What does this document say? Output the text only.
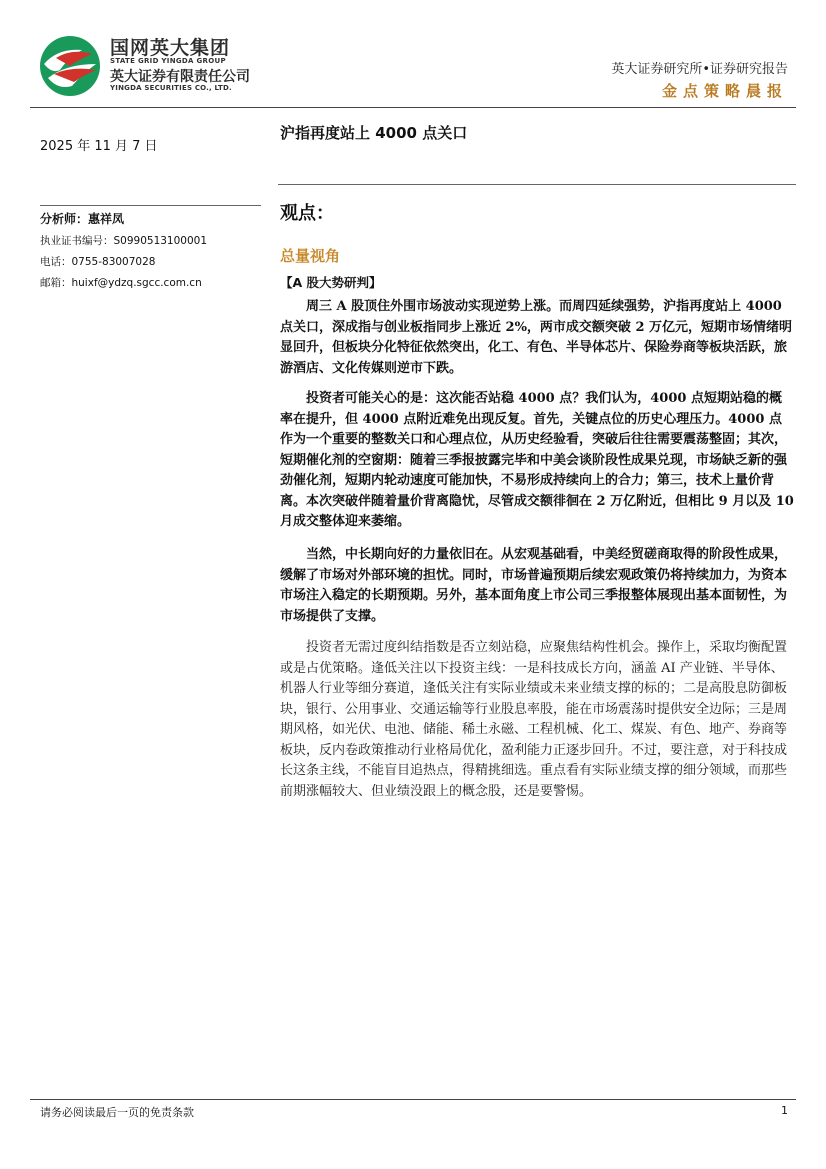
国网英大集团
STATE GRID YINGDA GROUP
英大证券有限责任公司
YINGDA SECURITIES CO., LTD.
英大证券研究所•证券研究报告
金点策略晨报
2025 年 11 月 7 日
分析师：惠祥凤
执业证书编号：S0990513100001
电话：0755-83007028
邮箱：huixf@ydzq.sgcc.com.cn
沪指再度站上 4000 点关口
观点：
总量视角
【A 股大势研判】

周三 A 股顶住外围市场波动实现逆势上涨。而周四延续强势，沪指再度站上 4000 点关口，深成指与创业板指同步上涨近 2%，两市成交额突破 2 万亿元，短期市场情绪明显回升，但板块分化特征依然突出，化工、有色、半导体芯片、保险券商等板块活跃，旅游酒店、文化传媒则逆市下跌。

投资者可能关心的是：这次能否站稳 4000 点？我们认为，4000 点短期站稳的概率在提升，但 4000 点附近难免出现反复。首先，关键点位的历史心理压力。4000 点作为一个重要的整数关口和心理点位，从历史经验看，突破后往往需要震荡整固；其次，短期催化剂的空窗期：随着三季报披露完毕和中美会谈阶段性成果兑现，市场缺乏新的强劲催化剂，短期内轮动速度可能加快，不易形成持续向上的合力；第三，技术上量价背离。本次突破伴随着量价背离隐忧，尽管成交额徘徊在 2 万亿附近，但相比 9 月以及 10 月成交整体迎来萎缩。

当然，中长期向好的力量依旧在。从宏观基础看，中美经贸磋商取得的阶段性成果，缓解了市场对外部环境的担忧。同时，市场普遍预期后续宏观政策仍将持续加力，为资本市场注入稳定的长期预期。另外，基本面角度上市公司三季报整体展现出基本面韧性，为市场提供了支撑。

投资者无需过度纠结指数是否立刻站稳，应聚焦结构性机会。操作上，采取均衡配置或是占优策略。逢低关注以下投资主线：一是科技成长方向，涵盖 AI 产业链、半导体、机器人行业等细分赛道，逢低关注有实际业绩或未来业绩支撑的标的；二是高股息防御板块，银行、公用事业、交通运输等行业股息率股，能在市场震荡时提供安全边际；三是周期风格，如光伏、电池、储能、稀土永磁、工程机械、化工、煤炭、有色、地产、券商等板块，反内卷政策推动行业格局优化，盈利能力正逐步回升。不过，要注意，对于科技成长这条主线，不能盲目追热点，得精挑细选。重点看有实际业绩支撑的细分领域，而那些前期涨幅较大、但业绩没跟上的概念股，还是要警惕。

请务必阅读最后一页的免责条款	1
